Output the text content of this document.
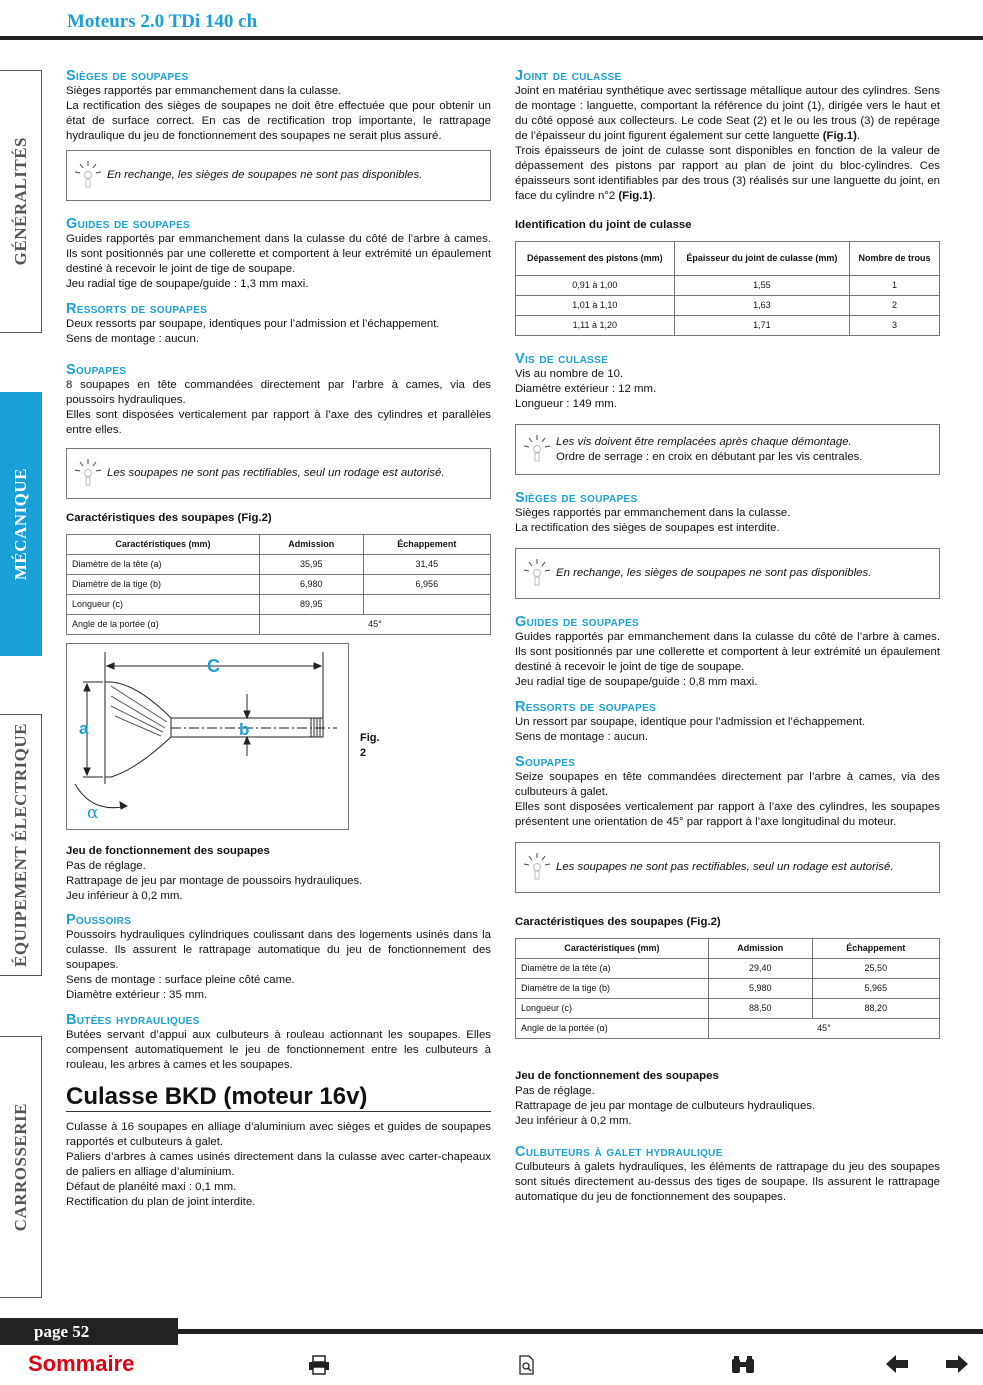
Moteurs 2.0 TDi 140 ch
GÉNÉRALITÉS
MÉCANIQUE
ÉQUIPEMENT ÉLECTRIQUE
CARROSSERIE
Sièges de soupapes

Sièges rapportés par emmanchement dans la culasse.

La rectification des sièges de soupapes ne doit être effectuée que pour obtenir un état de surface correct. En cas de rectification trop importante, le rattrapage hydraulique du jeu de fonctionnement des soupapes ne serait plus assuré.

En rechange, les sièges de soupapes ne sont pas disponibles.
Guides de soupapes

Guides rapportés par emmanchement dans la culasse du côté de l’arbre à cames. Ils sont positionnés par une collerette et comportent à leur extrémité un épaulement destiné à recevoir le joint de tige de soupape.

Jeu radial tige de soupape/guide : 1,3 mm maxi.

Ressorts de soupapes

Deux ressorts par soupape, identiques pour l’admission et l’échappement.

Sens de montage : aucun.

Soupapes

8 soupapes en tête commandées directement par l’arbre à cames, via des poussoirs hydrauliques.

Elles sont disposées verticalement par rapport à l’axe des cylindres et parallèles entre elles.

Les soupapes ne sont pas rectifiables, seul un rodage est autorisé.
Caractéristiques des soupapes (Fig.2)
Caractéristiques (mm)	Admission	Échappement
Diamètre de la tête (a)	35,95	31,45
Diamètre de la tige (b)	6,980	6,956
Longueur (c)	89,95	
Angle de la portée (α)	45°	
C
a	b
α
Fig. 2
Jeu de fonctionnement des soupapes

Pas de réglage.

Rattrapage de jeu par montage de poussoirs hydrauliques.

Jeu inférieur à 0,2 mm.

Poussoirs

Poussoirs hydrauliques cylindriques coulissant dans des logements usinés dans la culasse. Ils assurent le rattrapage automatique du jeu de fonctionnement des soupapes.

Sens de montage : surface pleine côté came.

Diamètre extérieur : 35 mm.

Butées hydrauliques

Butées servant d’appui aux culbuteurs à rouleau actionnant les soupapes. Elles compensent automatiquement le jeu de fonctionnement entre les culbuteurs à rouleau, les arbres à cames et les soupapes.

Culasse BKD (moteur 16v)

Culasse à 16 soupapes en alliage d’aluminium avec sièges et guides de soupapes rapportés et culbuteurs à galet.

Paliers d’arbres à cames usinés directement dans la culasse avec carter-chapeaux de paliers en alliage d’aluminium.

Défaut de planéité maxi : 0,1 mm.

Rectification du plan de joint interdite.

Joint de culasse

Joint en matériau synthétique avec sertissage métallique autour des cylindres. Sens de montage : languette, comportant la référence du joint (1), dirigée vers le haut et du côté opposé aux collecteurs. Le code Seat (2) et le ou les trous (3) de repérage de l’épaisseur du joint figurent également sur cette languette (Fig.1).

Trois épaisseurs de joint de culasse sont disponibles en fonction de la valeur de dépassement des pistons par rapport au plan de joint du bloc-cylindres. Ces épaisseurs sont identifiables par des trous (3) réalisés sur une languette du joint, en face du cylindre n°2 (Fig.1).

Identification du joint de culasse
Dépassement des pistons (mm)	Épaisseur du joint de culasse (mm)	Nombre de trous
0,91 à 1,00	1,55	1
1,01 à 1,10	1,63	2
1,11 à 1,20	1,71	3
Vis de culasse

Vis au nombre de 10.

Diamètre extérieur : 12 mm.

Longueur : 149 mm.

Les vis doivent être remplacées après chaque démontage.
Ordre de serrage : en croix en débutant par les vis centrales.
Sièges de soupapes

Sièges rapportés par emmanchement dans la culasse.

La rectification des sièges de soupapes est interdite.

En rechange, les sièges de soupapes ne sont pas disponibles.
Guides de soupapes

Guides rapportés par emmanchement dans la culasse du côté de l’arbre à cames. Ils sont positionnés par une collerette et comportent à leur extrémité un épaulement destiné à recevoir le joint de tige de soupape.

Jeu radial tige de soupape/guide : 0,8 mm maxi.

Ressorts de soupapes

Un ressort par soupape, identique pour l’admission et l’échappement.

Sens de montage : aucun.

Soupapes

Seize soupapes en tête commandées directement par l’arbre à cames, via des culbuteurs à galet.

Elles sont disposées verticalement par rapport à l’axe des cylindres, les soupapes présentent une orientation de 45° par rapport à l’axe longitudinal du moteur.

Les soupapes ne sont pas rectifiables, seul un rodage est autorisé.
Caractéristiques des soupapes (Fig.2)
Caractéristiques (mm)	Admission	Échappement
Diamètre de la tête (a)	29,40	25,50
Diamètre de la tige (b)	5,980	5,965
Longueur (c)	88,50	88,20
Angle de la portée (α)	45°	
Jeu de fonctionnement des soupapes

Pas de réglage.

Rattrapage de jeu par montage de culbuteurs hydrauliques.

Jeu inférieur à 0,2 mm.

Culbuteurs à galet hydraulique

Culbuteurs à galets hydrauliques, les éléments de rattrapage du jeu des soupapes sont situés directement au-dessus des tiges de soupape. Ils assurent le rattrapage automatique du jeu de fonctionnement des soupapes.

page 52
Sommaire
